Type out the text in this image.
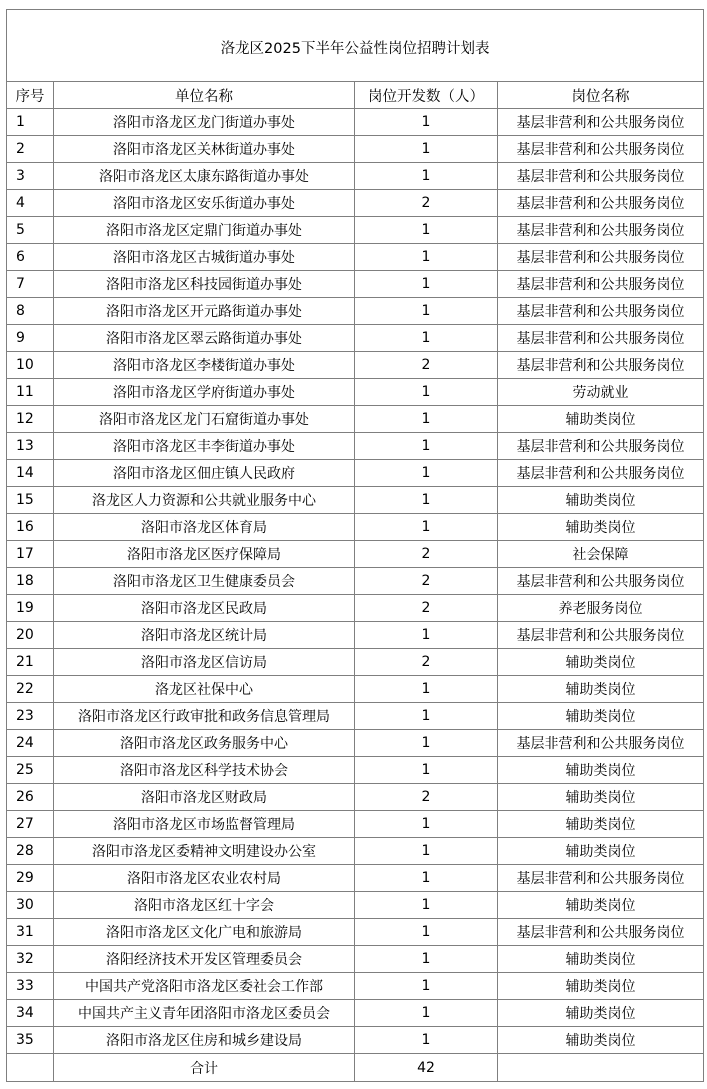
洛龙区2025下半年公益性岗位招聘计划表			
序号	单位名称	岗位开发数（人）	岗位名称
1	洛阳市洛龙区龙门街道办事处	1	基层非营利和公共服务岗位
2	洛阳市洛龙区关林街道办事处	1	基层非营利和公共服务岗位
3	洛阳市洛龙区太康东路街道办事处	1	基层非营利和公共服务岗位
4	洛阳市洛龙区安乐街道办事处	2	基层非营利和公共服务岗位
5	洛阳市洛龙区定鼎门街道办事处	1	基层非营利和公共服务岗位
6	洛阳市洛龙区古城街道办事处	1	基层非营利和公共服务岗位
7	洛阳市洛龙区科技园街道办事处	1	基层非营利和公共服务岗位
8	洛阳市洛龙区开元路街道办事处	1	基层非营利和公共服务岗位
9	洛阳市洛龙区翠云路街道办事处	1	基层非营利和公共服务岗位
10	洛阳市洛龙区李楼街道办事处	2	基层非营利和公共服务岗位
11	洛阳市洛龙区学府街道办事处	1	劳动就业
12	洛阳市洛龙区龙门石窟街道办事处	1	辅助类岗位
13	洛阳市洛龙区丰李街道办事处	1	基层非营利和公共服务岗位
14	洛阳市洛龙区佃庄镇人民政府	1	基层非营利和公共服务岗位
15	洛龙区人力资源和公共就业服务中心	1	辅助类岗位
16	洛阳市洛龙区体育局	1	辅助类岗位
17	洛阳市洛龙区医疗保障局	2	社会保障
18	洛阳市洛龙区卫生健康委员会	2	基层非营利和公共服务岗位
19	洛阳市洛龙区民政局	2	养老服务岗位
20	洛阳市洛龙区统计局	1	基层非营利和公共服务岗位
21	洛阳市洛龙区信访局	2	辅助类岗位
22	洛龙区社保中心	1	辅助类岗位
23	洛阳市洛龙区行政审批和政务信息管理局	1	辅助类岗位
24	洛阳市洛龙区政务服务中心	1	基层非营利和公共服务岗位
25	洛阳市洛龙区科学技术协会	1	辅助类岗位
26	洛阳市洛龙区财政局	2	辅助类岗位
27	洛阳市洛龙区市场监督管理局	1	辅助类岗位
28	洛阳市洛龙区委精神文明建设办公室	1	辅助类岗位
29	洛阳市洛龙区农业农村局	1	基层非营利和公共服务岗位
30	洛阳市洛龙区红十字会	1	辅助类岗位
31	洛阳市洛龙区文化广电和旅游局	1	基层非营利和公共服务岗位
32	洛阳经济技术开发区管理委员会	1	辅助类岗位
33	中国共产党洛阳市洛龙区委社会工作部	1	辅助类岗位
34	中国共产主义青年团洛阳市洛龙区委员会	1	辅助类岗位
35	洛阳市洛龙区住房和城乡建设局	1	辅助类岗位
	合计	42	
